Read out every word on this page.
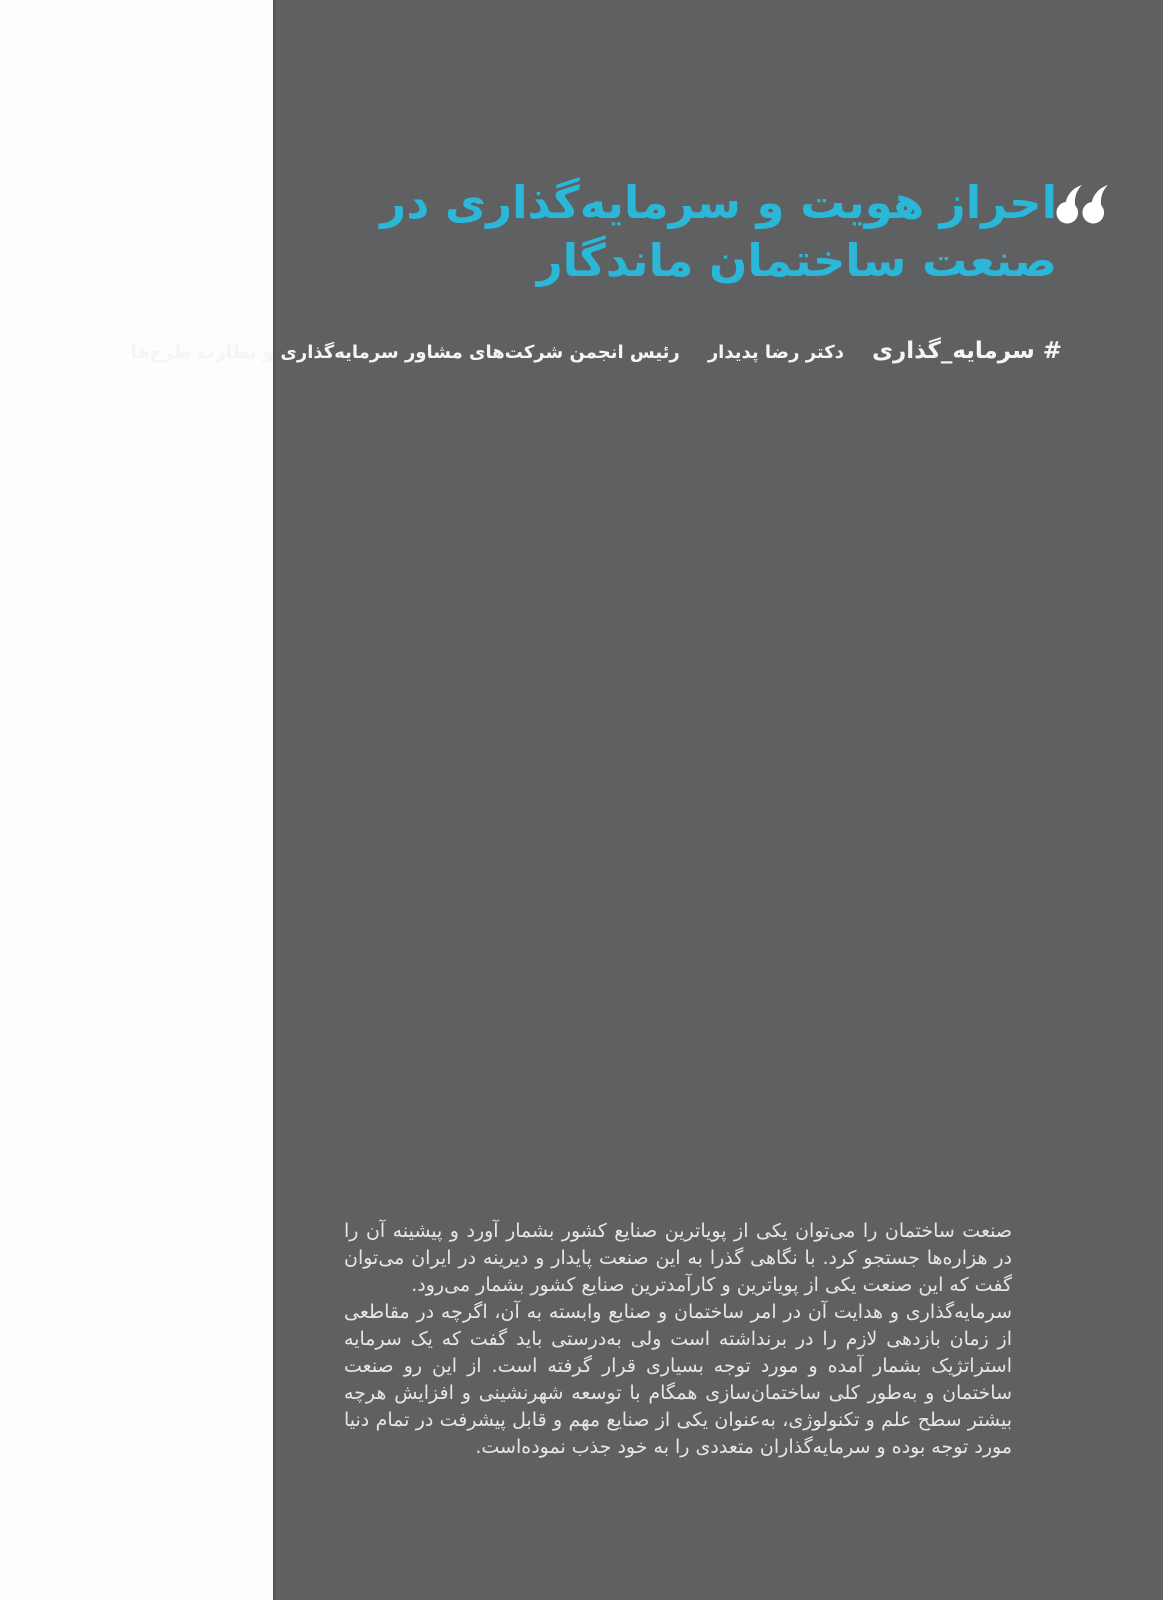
احراز هویت و سرمایه‌گذاری در
صنعت ساختمان ماندگار
# سرمایه_گذاری
دکتر رضا پدیدار
رئیس انجمن شرکت‌های مشاور سرمایه‌گذاری و نظارت طرح‌ها

صنعت ساختمان را می‌توان یکی از پویاترین صنایع کشور بشمار آورد و پیشینه آن را در هزاره‌ها جستجو کرد. با نگاهی گذرا به این صنعت پایدار و دیرینه در ایران می‌توان گفت که این صنعت یکی از پویاترین و کارآمدترین صنایع کشور بشمار می‌رود.

سرمایه‌گذاری و هدایت آن در امر ساختمان و صنایع وابسته به آن، اگرچه در مقاطعی از زمان بازدهی لازم را در برنداشته است ولی به‌درستی باید گفت که یک سرمایه استراتژیک بشمار آمده و مورد توجه بسیاری قرار گرفته است. از این رو صنعت ساختمان و به‌طور کلی ساختمان‌سازی همگام با توسعه شهرنشینی و افزایش هرچه بیشتر سطح علم و تکنولوژی، به‌عنوان یکی از صنایع مهم و قابل پیشرفت در تمام دنیا مورد توجه بوده و سرمایه‌گذاران متعددی را به خود جذب نموده‌است.
